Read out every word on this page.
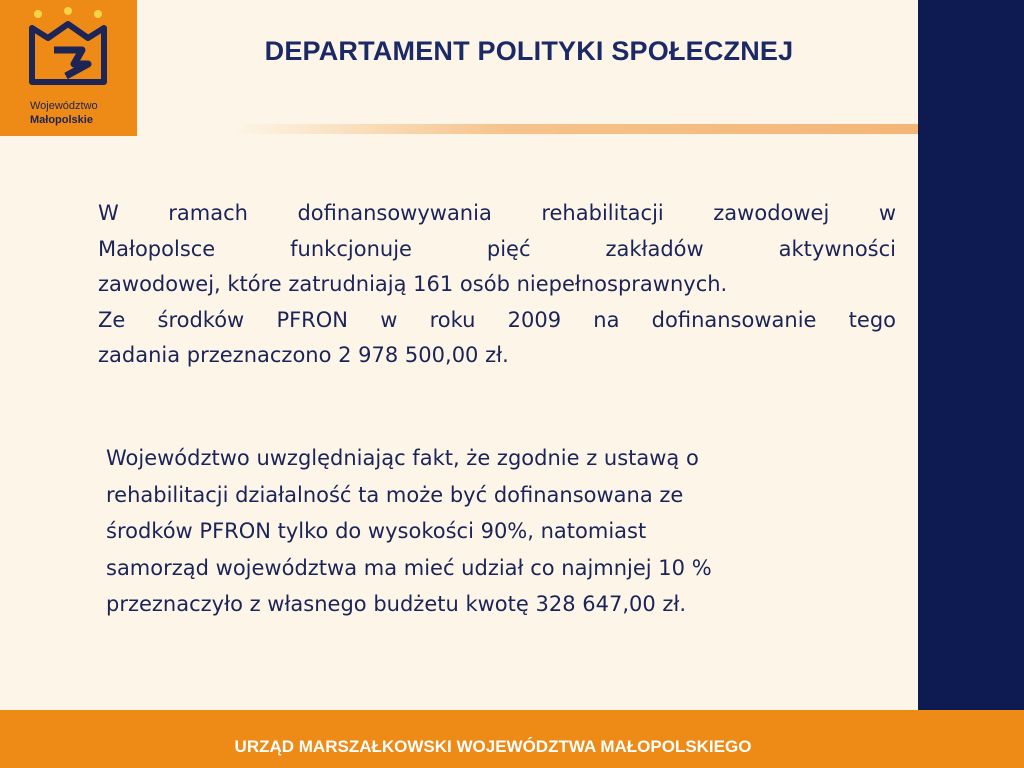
Województwo
Małopolskie
DEPARTAMENT POLITYKI SPOŁECZNEJ
W ramach dofinansowywania rehabilitacji zawodowej w
Małopolsce funkcjonuje pięć zakładów aktywności
zawodowej, które zatrudniają 161 osób niepełnosprawnych.
Ze środków PFRON w roku 2009 na dofinansowanie tego
zadania przeznaczono 2 978 500,00 zł.
Województwo uwzględniając fakt, że zgodnie z ustawą o
rehabilitacji działalność ta może być dofinansowana ze
środków PFRON tylko do wysokości 90%, natomiast
samorząd województwa ma mieć udział co najmnjej 10 %
przeznaczyło z własnego budżetu kwotę 328 647,00 zł.
URZĄD MARSZAŁKOWSKI WOJEWÓDZTWA MAŁOPOLSKIEGO
